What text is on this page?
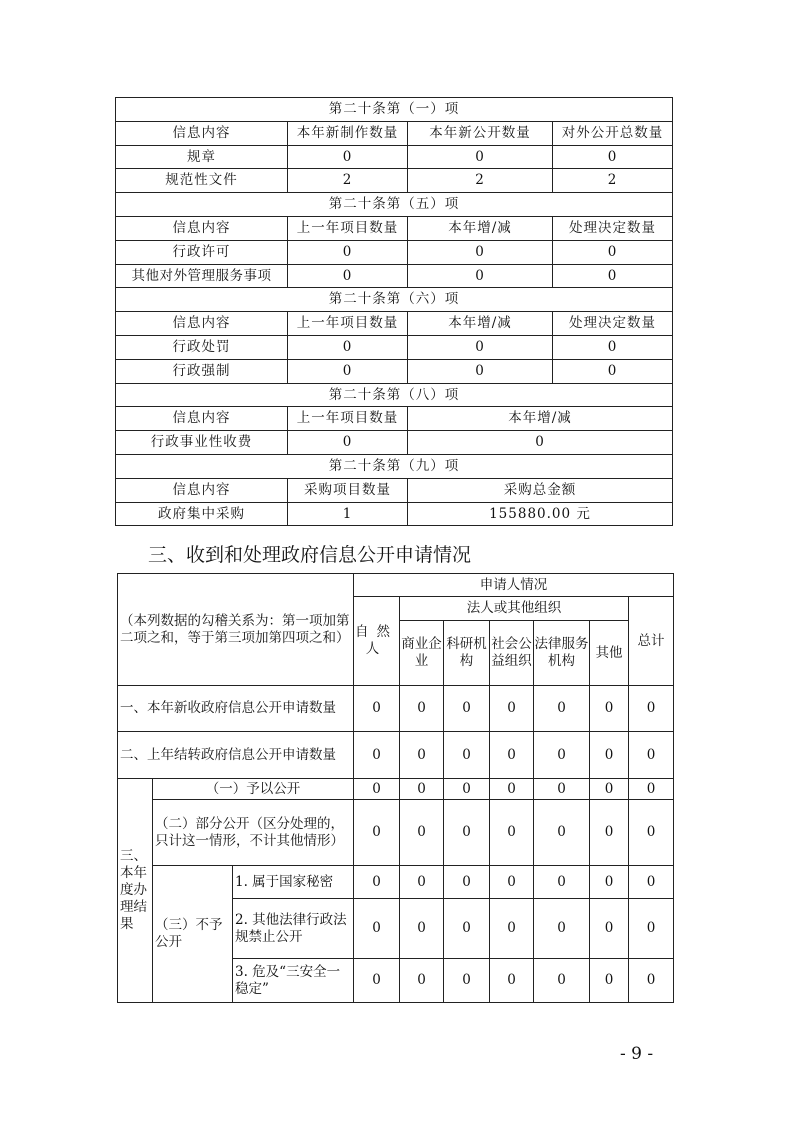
第二十条第（一）项			
信息内容	本年新制作数量	本年新公开数量	对外公开总数量
规章	0	0	0
规范性文件	2	2	2
第二十条第（五）项			
信息内容	上一年项目数量	本年增/减	处理决定数量
行政许可	0	0	0
其他对外管理服务事项	0	0	0
第二十条第（六）项			
信息内容	上一年项目数量	本年增/减	处理决定数量
行政处罚	0	0	0
行政强制	0	0	0
第二十条第（八）项			
信息内容	上一年项目数量	本年增/减	
行政事业性收费	0	0	
第二十条第（九）项			
信息内容	采购项目数量	采购总金额	
政府集中采购	1	155880.00 元	
三、收到和处理政府信息公开申请情况
（本列数据的勾稽关系为：第一项加第二项之和，等于第三项加第四项之和）			申请人情况						
			自然人	法人或其他组织					总计
				商业企业	科研机构	社会公益组织	法律服务机构	其他	
一、本年新收政府信息公开申请数量			0	0	0	0	0	0	0
二、上年结转政府信息公开申请数量			0	0	0	0	0	0	0
三、本年度办理结果	（一）予以公开		0	0	0	0	0	0	0
	（二）部分公开（区分处理的，只计这一情形，不计其他情形）		0	0	0	0	0	0	0
	（三）不予公开	1. 属于国家秘密	0	0	0	0	0	0	0
		2. 其他法律行政法规禁止公开	0	0	0	0	0	0	0
		3. 危及“三安全一稳定”	0	0	0	0	0	0	0
- 9 -
